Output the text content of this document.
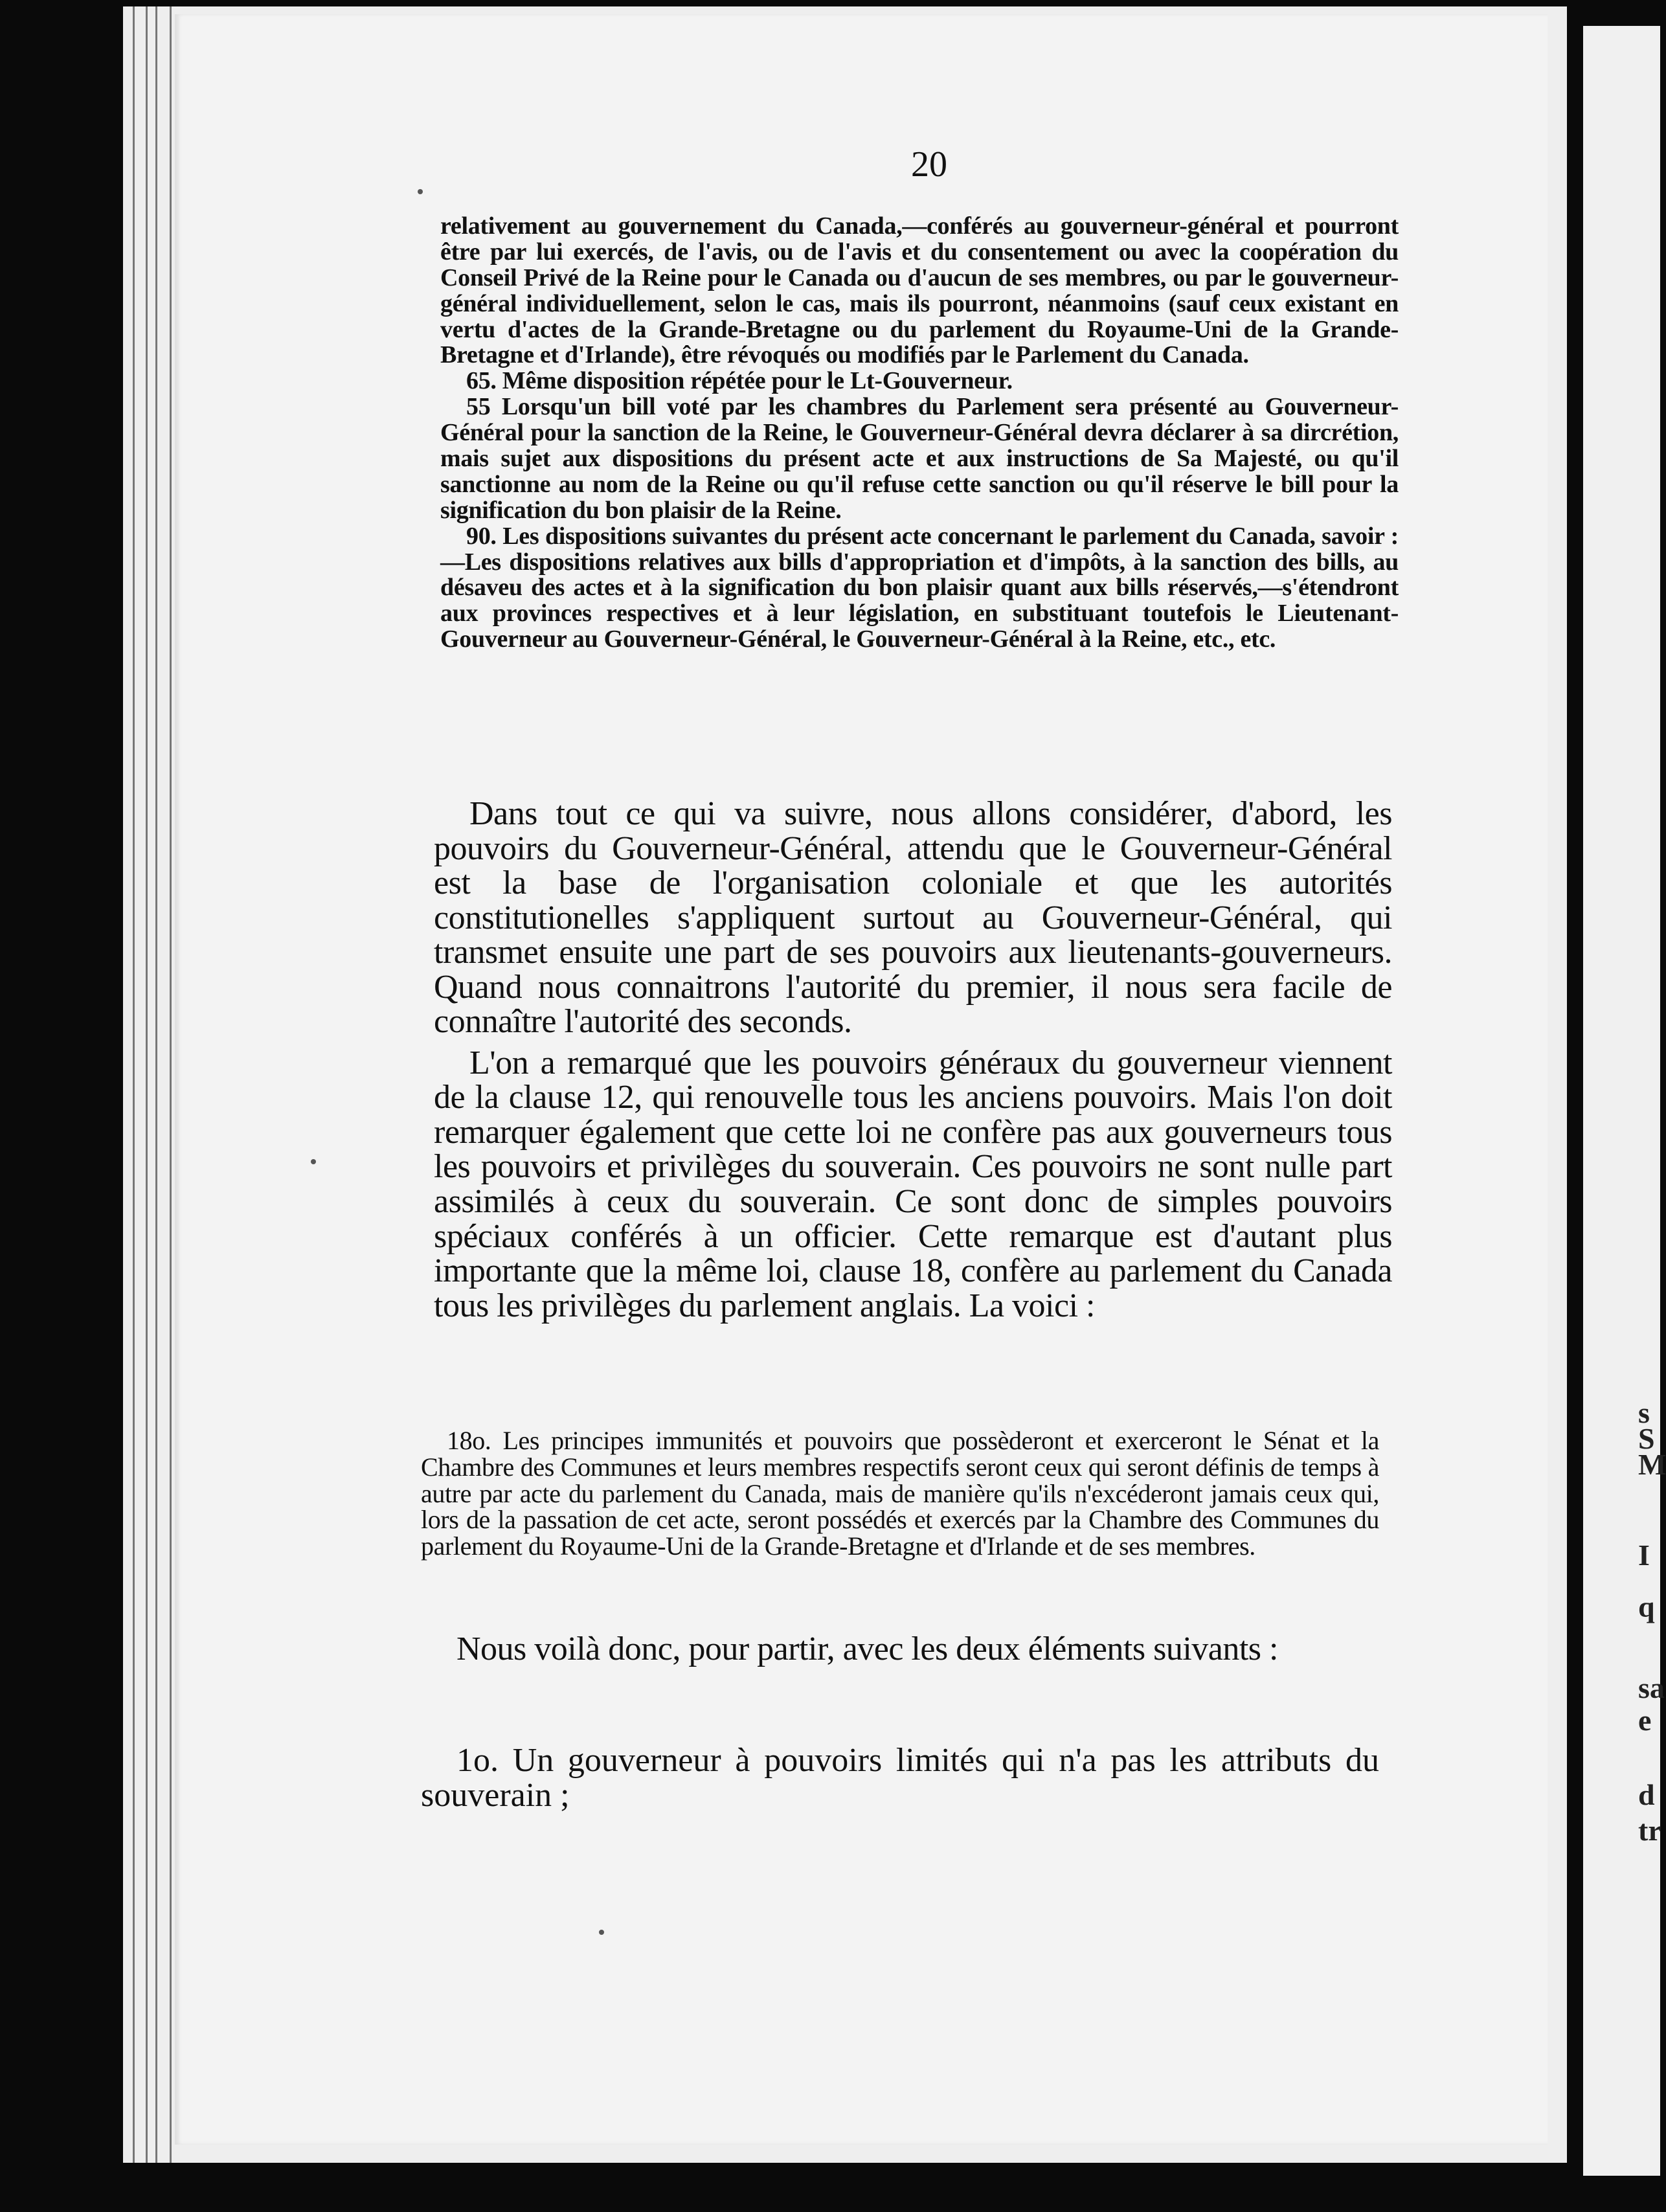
s
S
M
I
q
sa
e
d
tr
20

relativement au gouvernement du Canada,—conférés au gouverneur-général et pourront être par lui exercés, de l'avis, ou de l'avis et du consentement ou avec la coopération du Conseil Privé de la Reine pour le Canada ou d'aucun de ses membres, ou par le gouverneur-général individuellement, selon le cas, mais ils pourront, néanmoins (sauf ceux existant en vertu d'actes de la Grande-Bretagne ou du parlement du Royaume-Uni de la Grande-Bretagne et d'Irlande), être révoqués ou modifiés par le Parlement du Canada.

65. Même disposition répétée pour le Lt-Gouverneur.

55 Lorsqu'un bill voté par les chambres du Parlement sera présenté au Gouverneur-Général pour la sanction de la Reine, le Gouverneur-Général devra déclarer à sa dircrétion, mais sujet aux dispositions du présent acte et aux instructions de Sa Majesté, ou qu'il sanctionne au nom de la Reine ou qu'il refuse cette sanction ou qu'il réserve le bill pour la signification du bon plaisir de la Reine.

90. Les dispositions suivantes du présent acte concernant le parlement du Canada, savoir :—Les dispositions relatives aux bills d'appropriation et d'impôts, à la sanction des bills, au désaveu des actes et à la signification du bon plaisir quant aux bills réservés,—s'étendront aux provinces respectives et à leur législation, en substituant toutefois le Lieutenant-Gouverneur au Gouverneur-Général, le Gouverneur-Général à la Reine, etc., etc.

Dans tout ce qui va suivre, nous allons considérer, d'abord, les pouvoirs du Gouverneur-Général, attendu que le Gouverneur-Général est la base de l'organisation coloniale et que les autorités constitutionelles s'appliquent surtout au Gouverneur-Général, qui transmet ensuite une part de ses pouvoirs aux lieutenants-gouverneurs. Quand nous connaitrons l'autorité du premier, il nous sera facile de connaître l'autorité des seconds.

L'on a remarqué que les pouvoirs généraux du gouverneur viennent de la clause 12, qui renouvelle tous les anciens pouvoirs. Mais l'on doit remarquer également que cette loi ne confère pas aux gouverneurs tous les pouvoirs et privilèges du souverain. Ces pouvoirs ne sont nulle part assimilés à ceux du souverain. Ce sont donc de simples pouvoirs spéciaux conférés à un officier. Cette remarque est d'autant plus importante que la même loi, clause 18, confère au parlement du Canada tous les privilèges du parlement anglais. La voici :

18o. Les principes immunités et pouvoirs que possèderont et exerceront le Sénat et la Chambre des Communes et leurs membres respectifs seront ceux qui seront définis de temps à autre par acte du parlement du Canada, mais de manière qu'ils n'excéderont jamais ceux qui, lors de la passation de cet acte, seront possédés et exercés par la Chambre des Communes du parlement du Royaume-Uni de la Grande-Bretagne et d'Irlande et de ses membres.

Nous voilà donc, pour partir, avec les deux éléments suivants :

1o. Un gouverneur à pouvoirs limités qui n'a pas les attributs du souverain ;
